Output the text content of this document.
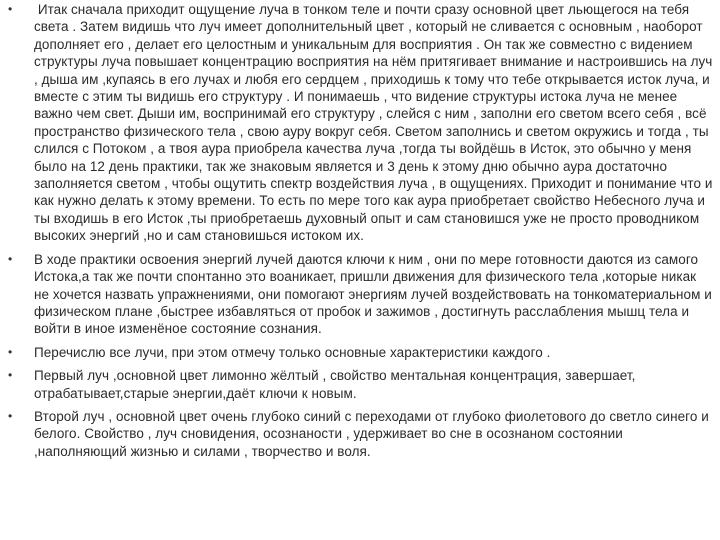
• Итак сначала приходит ощущение луча в тонком теле и почти сразу основной цвет льющегося на тебя света . Затем видишь что луч имеет дополнительный цвет , который не сливается с основным , наоборот дополняет его , делает его целостным и уникальным для восприятия . Он так же совместно с видением структуры луча повышает концентрацию восприятия на нём притягивает внимание и настроившись на луч , дыша им ,купаясь в его лучах и любя его сердцем , приходишь к тому что тебе открывается исток луча, и вместе с этим ты видишь его структуру . И понимаешь , что видение структуры истока луча не менее важно чем свет. Дыши им, воспринимай его структуру , слейся с ним , заполни его светом всего себя , всё пространство физического тела , свою ауру вокруг себя. Светом заполнись и светом окружись и тогда , ты слился с Потоком , а твоя аура приобрела качества луча ,тогда ты войдёшь в Исток, это обычно у меня было на 12 день практики, так же знаковым является и 3 день к этому дню обычно аура достаточно заполняется светом , чтобы ощутить спектр воздействия луча , в ощущениях. Приходит и понимание что и как нужно делать к этому времени. То есть по мере того как аура приобретает свойство Небесного луча и ты входишь в его Исток ,ты приобретаешь духовный опыт и сам становишся уже не просто проводником высоких энергий ,но и сам становишься истоком их.
• В ходе практики освоения энергий лучей даются ключи к ним , они по мере готовности даются из самого Истока,а так же почти спонтанно это воаникает, пришли движения для физического тела ,которые никак не хочется назвать упражнениями, они помогают энергиям лучей воздействовать на тонкоматериальном и физическом плане ,быстрее избавляться от пробок и зажимов , достигнуть расслабления мышц тела и войти в иное изменёное состояние сознания.
• Перечислю все лучи, при этом отмечу только основные характеристики каждого .
• Первый луч ,основной цвет лимонно жёлтый , свойство ментальная концентрация, завершает, отрабатывает,старые энергии,даёт ключи к новым.
• Второй луч , основной цвет очень глубоко синий с переходами от глубоко фиолетового до светло синего и белого. Свойство , луч сновидения, осознаности , удерживает во сне в осознаном состоянии ,наполняющий жизнью и силами , творчество и воля.
